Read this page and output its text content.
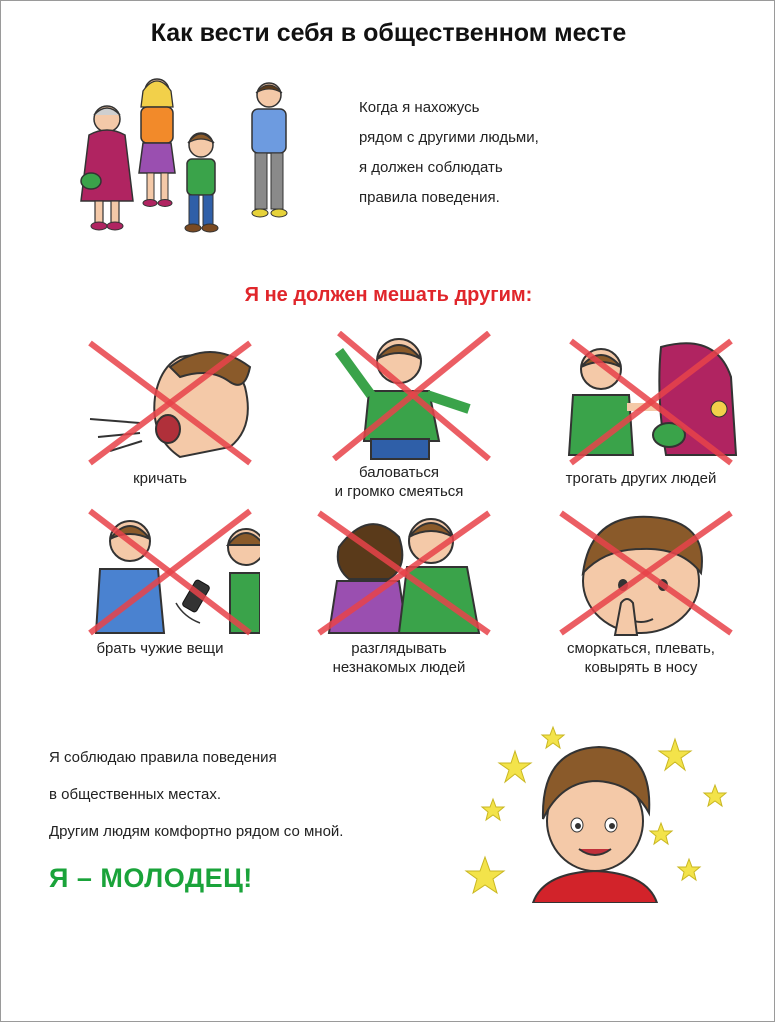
Как вести себя в общественном месте
Когда я нахожусь
рядом с другими людьми,
я должен соблюдать
правила поведения.
Я не должен мешать другим:
кричать	баловаться
и громко смеяться
трогать других людей
брать чужие вещи	разглядывать
незнакомых людей
сморкаться, плевать,
ковырять в носу
Я соблюдаю правила поведения
в общественных местах.
Другим людям комфортно рядом со мной.
Я – МОЛОДЕЦ!
